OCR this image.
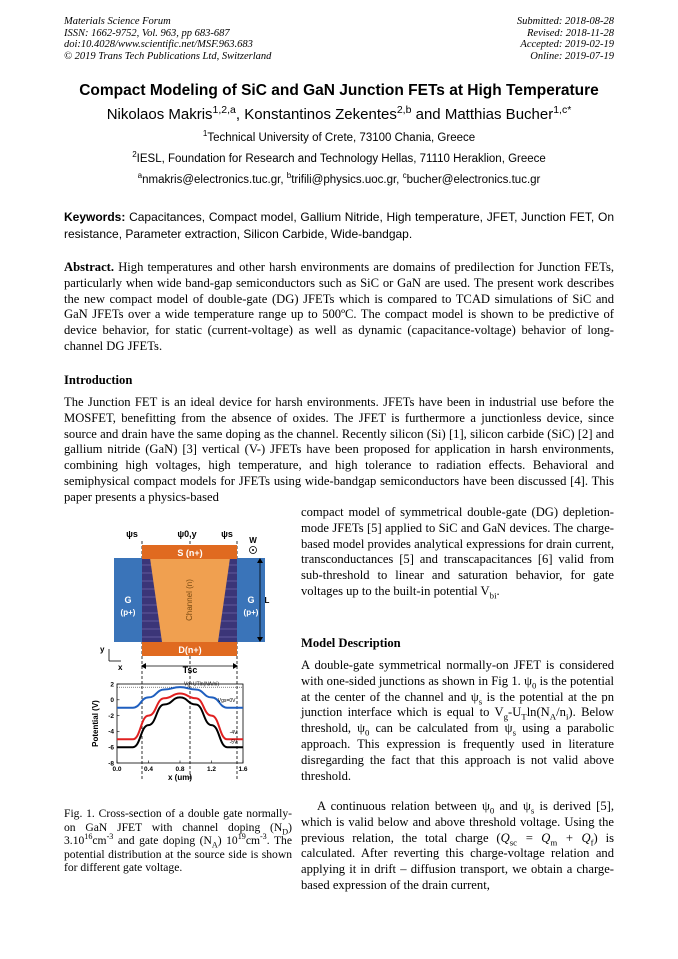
Materials Science Forum
ISSN: 1662-9752, Vol. 963, pp 683-687
doi:10.4028/www.scientific.net/MSF.963.683
© 2019 Trans Tech Publications Ltd, Switzerland
Submitted: 2018-08-28
Revised: 2018-11-28
Accepted: 2019-02-19
Online: 2019-07-19
Compact Modeling of SiC and GaN Junction FETs at High Temperature
Nikolaos Makris$^{1,2,a}$, Konstantinos Zekentes$^{2,b}$ and Matthias Bucher$^{1,c*}$
$^1$Technical University of Crete, 73100 Chania, Greece
$^2$IESL, Foundation for Research and Technology Hellas, 71110 Heraklion, Greece
$^a$nmakris@electronics.tuc.gr, $^b$trifili@physics.uoc.gr, $^c$bucher@electronics.tuc.gr
Keywords: Capacitances, Compact model, Gallium Nitride, High temperature, JFET, Junction FET, On resistance, Parameter extraction, Silicon Carbide, Wide-bandgap.
Abstract. High temperatures and other harsh environments are domains of predilection for Junction FETs, particularly when wide band-gap semiconductors such as SiC or GaN are used. The present work describes the new compact model of double-gate (DG) JFETs which is compared to TCAD simulations of SiC and GaN JFETs over a wide temperature range up to 500ºC. The compact model is shown to be predictive of device behavior, for static (current-voltage) as well as dynamic (capacitance-voltage) behavior of long-channel DG JFETs.
Introduction
The Junction FET is an ideal device for harsh environments. JFETs have been in industrial use before the MOSFET, benefitting from the absence of oxides. The JFET is furthermore a junctionless device, since source and drain have the same doping as the channel. Recently silicon (Si) [1], silicon carbide (SiC) [2] and gallium nitride (GaN) [3] vertical (V-) JFETs have been proposed for application in harsh environments, combining high voltages, high temperature, and high tolerance to radiation effects. Behavioral and semiphysical compact models for JFETs using wide-bandgap semiconductors have been discussed [4]. This paper presents a physics-based
compact model of symmetrical double-gate (DG) depletion-mode JFETs [5] applied to SiC and GaN devices. The charge-based model provides analytical expressions for drain current, transconductances [5] and transcapacitances [6] valid from sub-threshold to linear and saturation behavior, for gate voltages up to the built-in potential $V_{bi}$.
Model Description
A double-gate symmetrical normally-on JFET is considered with one-sided junctions as shown in Fig 1. $\psi_0$ is the potential at the center of the channel and $\psi_s$ is the potential at the pn junction interface which is equal to $V_g-U_T\ln(N_A/n_i)$. Below threshold, $\psi_0$ can be calculated from $\psi_s$ using a parabolic approach. This expression is frequently used in literature disregarding the fact that this approach is not valid above threshold.
A continuous relation between $\psi_0$ and $\psi_s$ is derived [5], which is valid below and above threshold voltage. Using the previous relation, the total charge $(Q_{sc} = Q_m + Q_f)$ is calculated. After reverting this charge-voltage relation and applying it in drift – diffusion transport, we obtain a charge-based expression of the drain current,
ψs	ψ0,y	ψs
G
(p+)
G
(p+)
Channel (n)
S (n+)
D(n+)
W
L
y
x	Tsc
0.0	0.4	0.8	1.2	1.6
2
0
-2
-4
-6
-8
Vg+UTln(NA/ni)
Vgs=0V
-4V
-5V
x (um)
Potential (V)
Fig. 1. Cross-section of a double gate normally-on GaN JFET with channel doping $(N_D)$ $3.10^{16}cm^{-3}$ and gate doping $(N_A)$ $10^{19}cm^{-3}$. The potential distribution at the source side is shown for different gate voltage.
